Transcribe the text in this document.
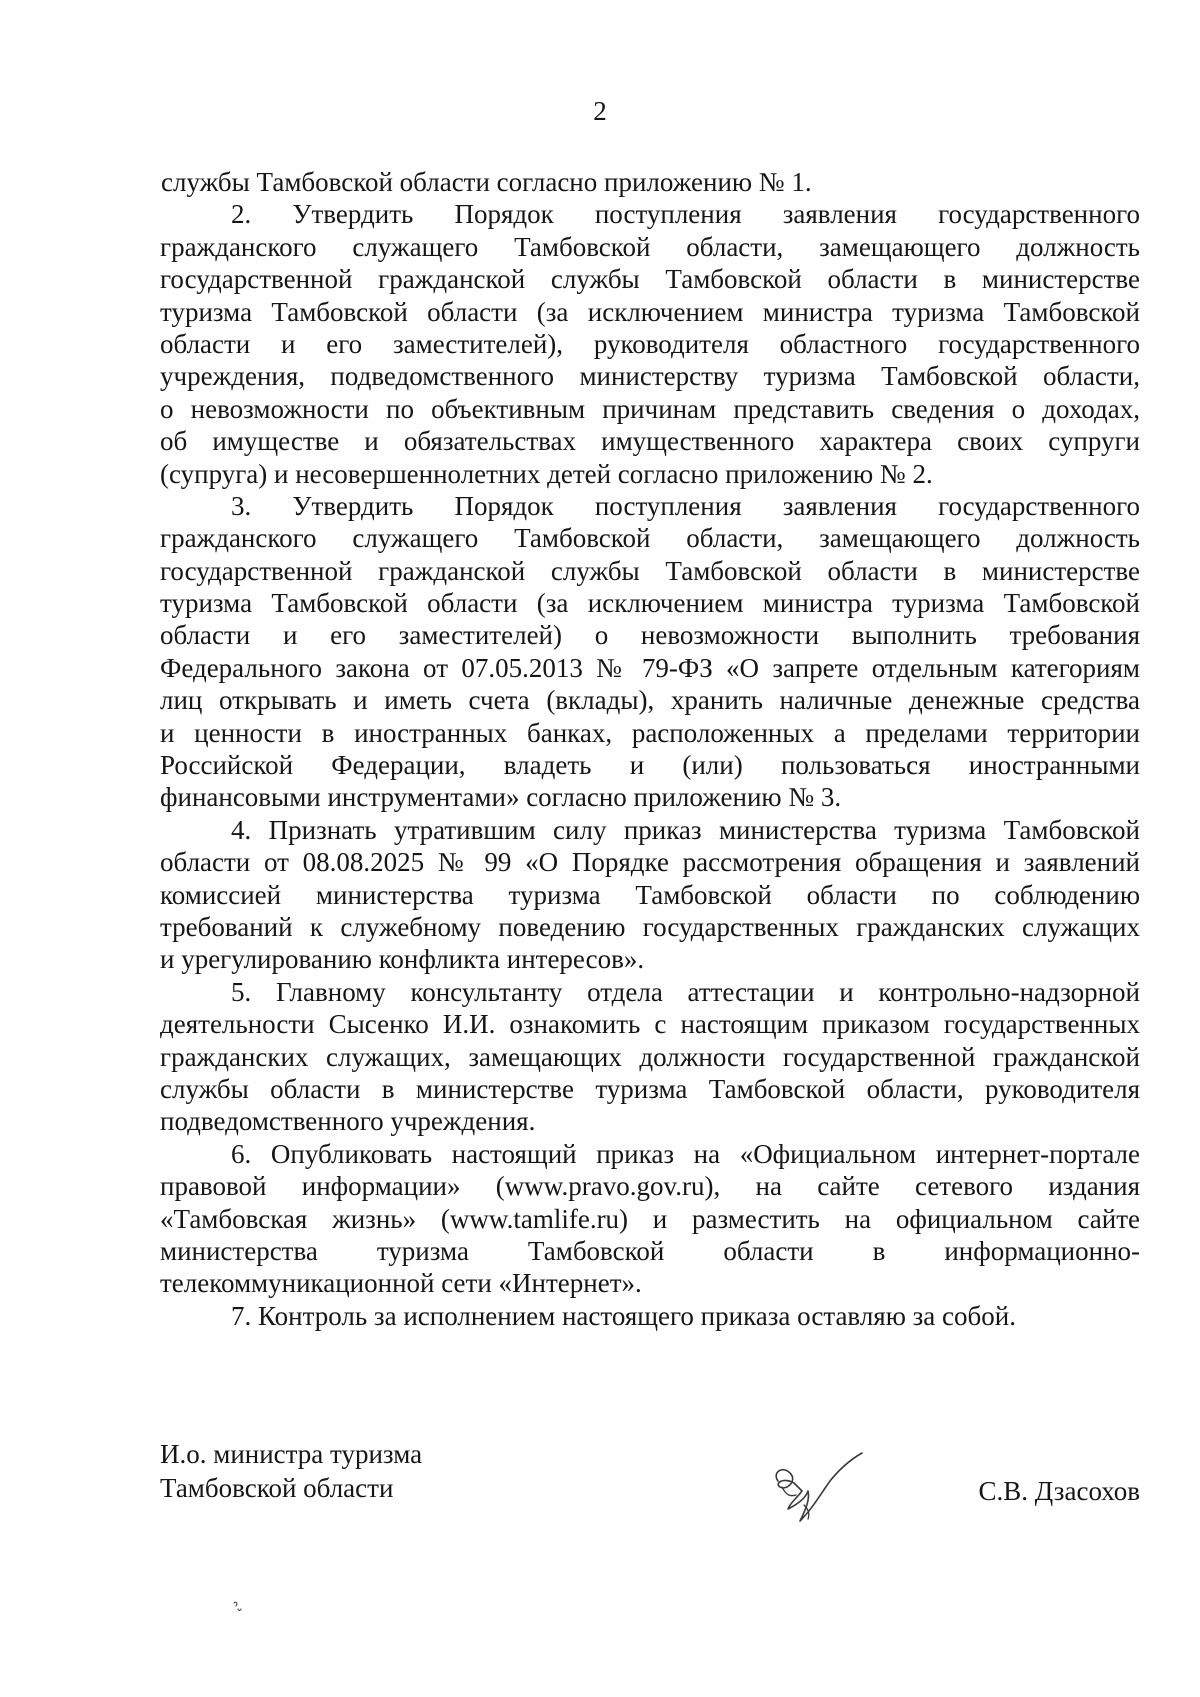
2
службы Тамбовской области согласно приложению № 1.
2. Утвердить Порядок поступления заявления государственного
гражданского служащего Тамбовской области, замещающего должность
государственной гражданской службы Тамбовской области в министерстве
туризма Тамбовской области (за исключением министра туризма Тамбовской
области и его заместителей), руководителя областного государственного
учреждения, подведомственного министерству туризма Тамбовской области,
о невозможности по объективным причинам представить сведения о доходах,
об имуществе и обязательствах имущественного характера своих супруги
(супруга) и несовершеннолетних детей согласно приложению № 2.
3. Утвердить Порядок поступления заявления государственного
гражданского служащего Тамбовской области, замещающего должность
государственной гражданской службы Тамбовской области в министерстве
туризма Тамбовской области (за исключением министра туризма Тамбовской
области и его заместителей) о невозможности выполнить требования
Федерального закона от 07.05.2013 № 79-ФЗ «О запрете отдельным категориям
лиц открывать и иметь счета (вклады), хранить наличные денежные средства
и ценности в иностранных банках, расположенных а пределами территории
Российской Федерации, владеть и (или) пользоваться иностранными
финансовыми инструментами» согласно приложению № 3.
4. Признать утратившим силу приказ министерства туризма Тамбовской
области от 08.08.2025 № 99 «О Порядке рассмотрения обращения и заявлений
комиссией министерства туризма Тамбовской области по соблюдению
требований к служебному поведению государственных гражданских служащих
и урегулированию конфликта интересов».
5. Главному консультанту отдела аттестации и контрольно-надзорной
деятельности Сысенко И.И. ознакомить с настоящим приказом государственных
гражданских служащих, замещающих должности государственной гражданской
службы области в министерстве туризма Тамбовской области, руководителя
подведомственного учреждения.
6. Опубликовать настоящий приказ на «Официальном интернет-портале
правовой информации» (www.pravo.gov.ru), на сайте сетевого издания
«Тамбовская жизнь» (www.tamlife.ru) и разместить на официальном сайте
министерства туризма Тамбовской области в информационно-
телекоммуникационной сети «Интернет».
7. Контроль за исполнением настоящего приказа оставляю за собой.
И.о. министра туризма
Тамбовской области	С.В. Дзасохов
